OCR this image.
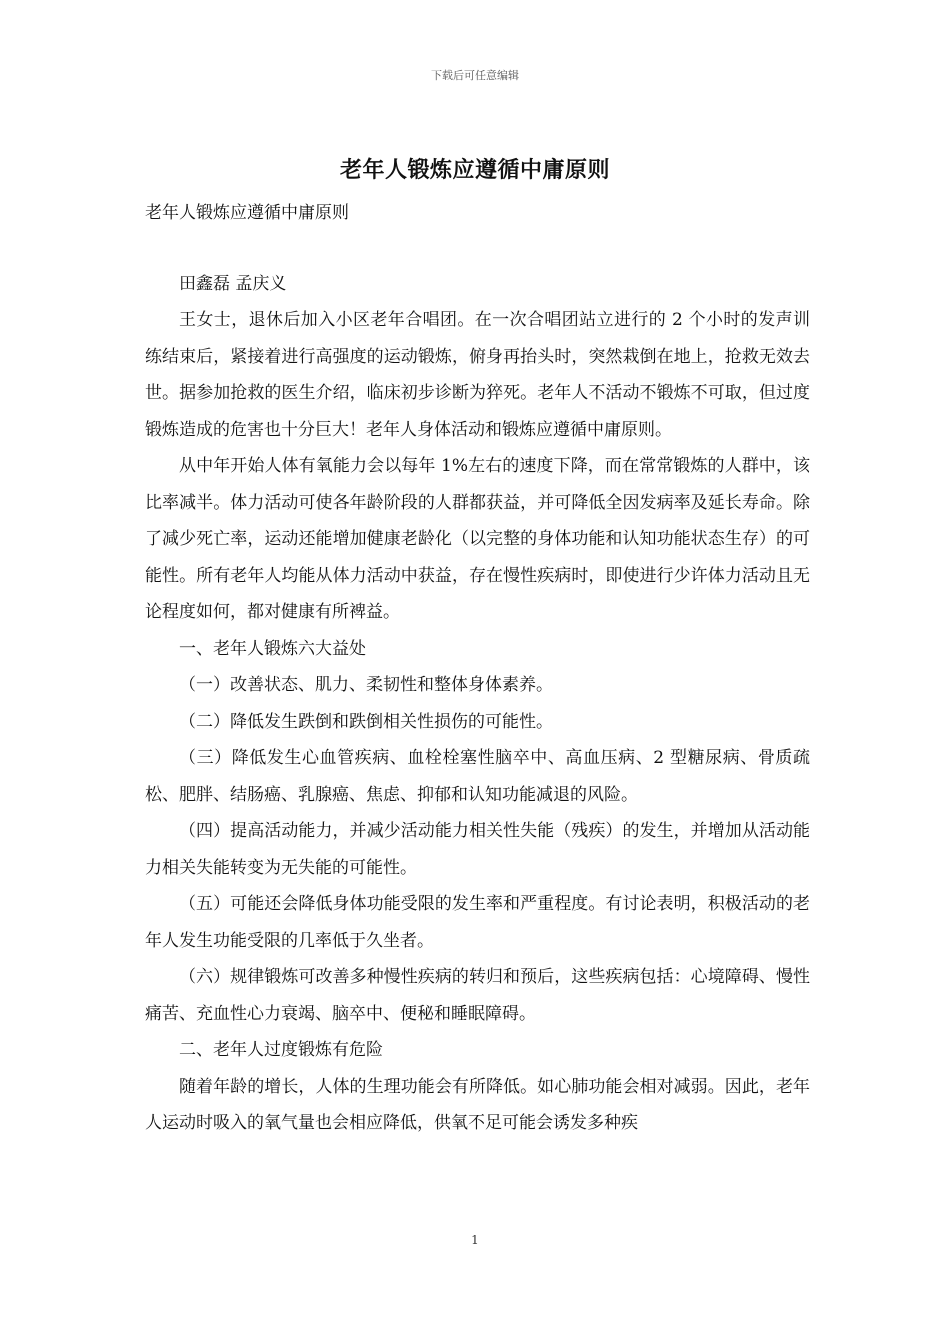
下载后可任意编辑
老年人锻炼应遵循中庸原则

老年人锻炼应遵循中庸原则

田鑫磊 孟庆义

王女士，退休后加入小区老年合唱团。在一次合唱团站立进行的 2 个小时的发声训练结束后，紧接着进行高强度的运动锻炼，俯身再抬头时，突然栽倒在地上，抢救无效去世。据参加抢救的医生介绍，临床初步诊断为猝死。老年人不活动不锻炼不可取，但过度锻炼造成的危害也十分巨大！老年人身体活动和锻炼应遵循中庸原则。

从中年开始人体有氧能力会以每年 1%左右的速度下降，而在常常锻炼的人群中，该比率减半。体力活动可使各年龄阶段的人群都获益，并可降低全因发病率及延长寿命。除了减少死亡率，运动还能增加健康老龄化（以完整的身体功能和认知功能状态生存）的可能性。所有老年人均能从体力活动中获益，存在慢性疾病时，即使进行少许体力活动且无论程度如何，都对健康有所裨益。

一、老年人锻炼六大益处

（一）改善状态、肌力、柔韧性和整体身体素养。

（二）降低发生跌倒和跌倒相关性损伤的可能性。

（三）降低发生心血管疾病、血栓栓塞性脑卒中、高血压病、2 型糖尿病、骨质疏松、肥胖、结肠癌、乳腺癌、焦虑、抑郁和认知功能减退的风险。

（四）提高活动能力，并减少活动能力相关性失能（残疾）的发生，并增加从活动能力相关失能转变为无失能的可能性。

（五）可能还会降低身体功能受限的发生率和严重程度。有讨论表明，积极活动的老年人发生功能受限的几率低于久坐者。

（六）规律锻炼可改善多种慢性疾病的转归和预后，这些疾病包括：心境障碍、慢性痛苦、充血性心力衰竭、脑卒中、便秘和睡眠障碍。

二、老年人过度锻炼有危险

随着年龄的增长，人体的生理功能会有所降低。如心肺功能会相对减弱。因此，老年人运动时吸入的氧气量也会相应降低，供氧不足可能会诱发多种疾

1
